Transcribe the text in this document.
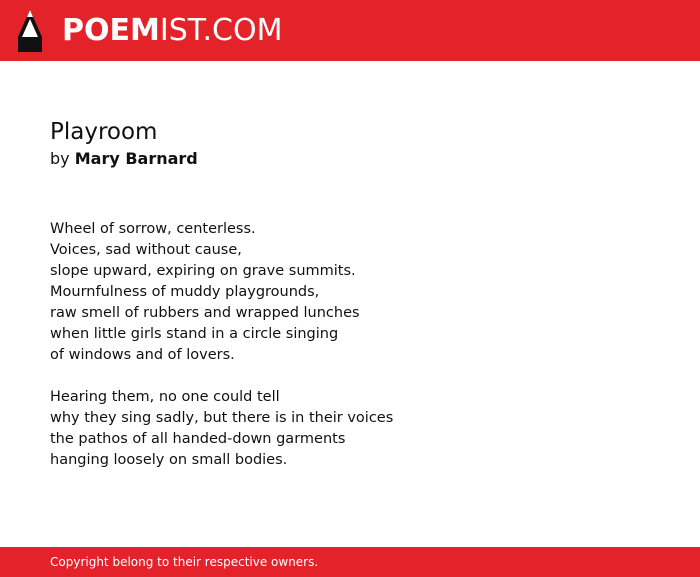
POEMIST.COM
Playroom
by Mary Barnard
Wheel of sorrow, centerless.
Voices, sad without cause,
slope upward, expiring on grave summits.
Mournfulness of muddy playgrounds,
raw smell of rubbers and wrapped lunches
when little girls stand in a circle singing
of windows and of lovers.
Hearing them, no one could tell
why they sing sadly, but there is in their voices
the pathos of all handed-down garments
hanging loosely on small bodies.
Copyright belong to their respective owners.
